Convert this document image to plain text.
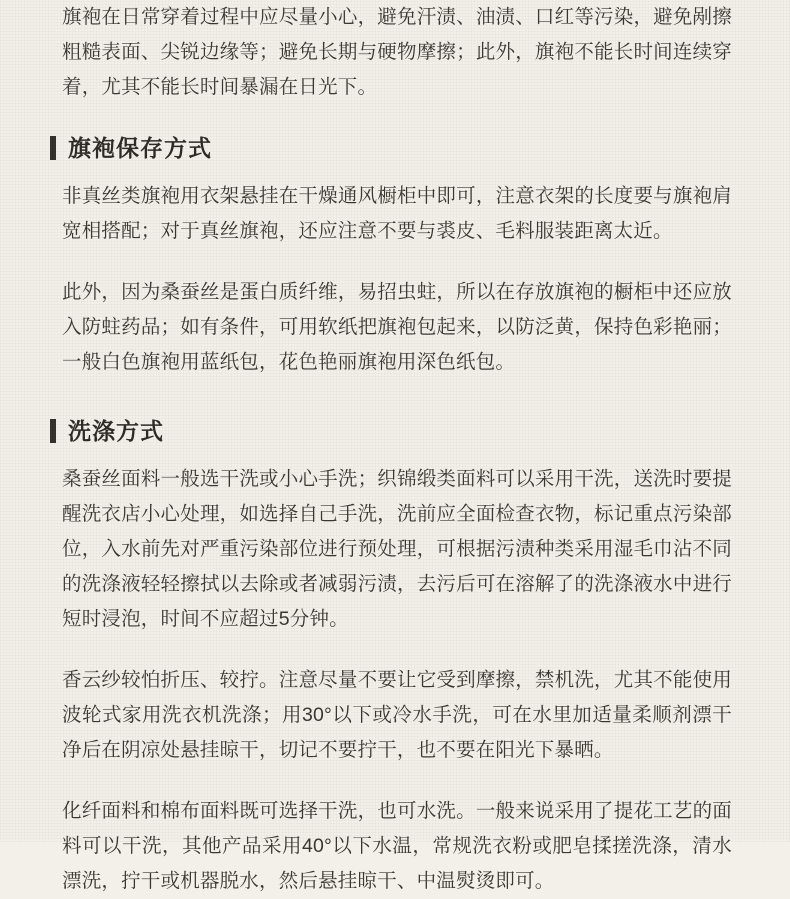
旗袍在日常穿着过程中应尽量小心，避免汗渍、油渍、口红等污染，避免剐擦粗糙表面、尖锐边缘等；避免长期与硬物摩擦；此外，旗袍不能长时间连续穿着，尤其不能长时间暴漏在日光下。

旗袍保存方式

非真丝类旗袍用衣架悬挂在干燥通风橱柜中即可，注意衣架的长度要与旗袍肩宽相搭配；对于真丝旗袍，还应注意不要与裘皮、毛料服装距离太近。

此外，因为桑蚕丝是蛋白质纤维，易招虫蛀，所以在存放旗袍的橱柜中还应放入防蛀药品；如有条件，可用软纸把旗袍包起来，以防泛黄，保持色彩艳丽；一般白色旗袍用蓝纸包，花色艳丽旗袍用深色纸包。

洗涤方式

桑蚕丝面料一般选干洗或小心手洗；织锦缎类面料可以采用干洗，送洗时要提醒洗衣店小心处理，如选择自己手洗，洗前应全面检查衣物，标记重点污染部位，入水前先对严重污染部位进行预处理，可根据污渍种类采用湿毛巾沾不同的洗涤液轻轻擦拭以去除或者减弱污渍，去污后可在溶解了的洗涤液水中进行短时浸泡，时间不应超过5分钟。

香云纱较怕折压、较拧。注意尽量不要让它受到摩擦，禁机洗，尤其不能使用波轮式家用洗衣机洗涤；用30°以下或冷水手洗，可在水里加适量柔顺剂漂干净后在阴凉处悬挂晾干，切记不要拧干，也不要在阳光下暴晒。

化纤面料和棉布面料既可选择干洗，也可水洗。一般来说采用了提花工艺的面料可以干洗，其他产品采用40°以下水温，常规洗衣粉或肥皂揉搓洗涤，清水漂洗，拧干或机器脱水，然后悬挂晾干、中温熨烫即可。
